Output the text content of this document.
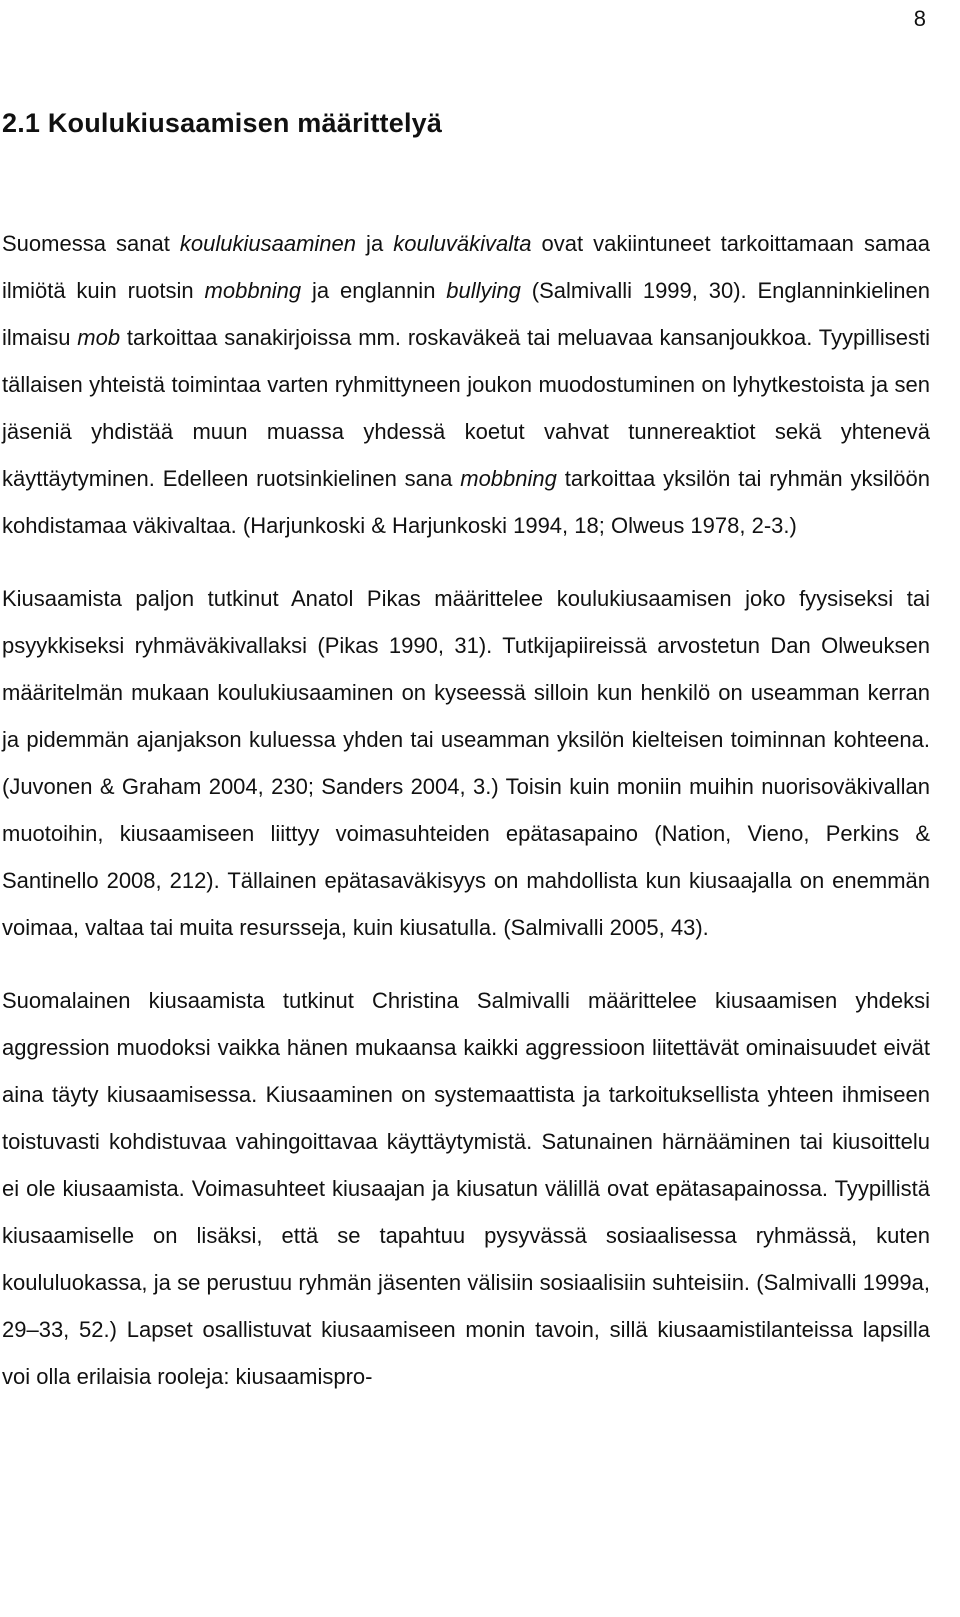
8
2.1 Koulukiusaamisen määrittelyä

Suomessa sanat koulukiusaaminen ja kouluväkivalta ovat vakiintuneet tarkoittamaan samaa ilmiötä kuin ruotsin mobbning ja englannin bullying (Salmivalli 1999, 30). Englanninkielinen ilmaisu mob tarkoittaa sanakirjoissa mm. roskaväkeä tai meluavaa kansanjoukkoa. Tyypillisesti tällaisen yhteistä toimintaa varten ryhmittyneen joukon muodostuminen on lyhytkestoista ja sen jäseniä yhdistää muun muassa yhdessä koetut vahvat tunnereaktiot sekä yhtenevä käyttäytyminen. Edelleen ruotsinkielinen sana mobbning tarkoittaa yksilön tai ryhmän yksilöön kohdistamaa väkivaltaa. (Harjunkoski & Harjunkoski 1994, 18; Olweus 1978, 2-3.)

Kiusaamista paljon tutkinut Anatol Pikas määrittelee koulukiusaamisen joko fyysiseksi tai psyykkiseksi ryhmäväkivallaksi (Pikas 1990, 31). Tutkijapiireissä arvostetun Dan Olweuksen määritelmän mukaan koulukiusaaminen on kyseessä silloin kun henkilö on useamman kerran ja pidemmän ajanjakson kuluessa yhden tai useamman yksilön kielteisen toiminnan kohteena. (Juvonen & Graham 2004, 230; Sanders 2004, 3.) Toisin kuin moniin muihin nuorisoväkivallan muotoihin, kiusaamiseen liittyy voimasuhteiden epätasapaino (Nation, Vieno, Perkins & Santinello 2008, 212). Tällainen epätasaväkisyys on mahdollista kun kiusaajalla on enemmän voimaa, valtaa tai muita resursseja, kuin kiusatulla. (Salmivalli 2005, 43).

Suomalainen kiusaamista tutkinut Christina Salmivalli määrittelee kiusaamisen yhdeksi aggression muodoksi vaikka hänen mukaansa kaikki aggressioon liitettävät ominaisuudet eivät aina täyty kiusaamisessa. Kiusaaminen on systemaattista ja tarkoituksellista yhteen ihmiseen toistuvasti kohdistuvaa vahingoittavaa käyttäytymistä. Satunainen härnääminen tai kiusoittelu ei ole kiusaamista. Voimasuhteet kiusaajan ja kiusatun välillä ovat epätasapainossa. Tyypillistä kiusaamiselle on lisäksi, että se tapahtuu pysyvässä sosiaalisessa ryhmässä, kuten koululuokassa, ja se perustuu ryhmän jäsenten välisiin sosiaalisiin suhteisiin. (Salmivalli 1999a, 29–33, 52.) Lapset osallistuvat kiusaamiseen monin tavoin, sillä kiusaamistilanteissa lapsilla voi olla erilaisia rooleja: kiusaamispro-
